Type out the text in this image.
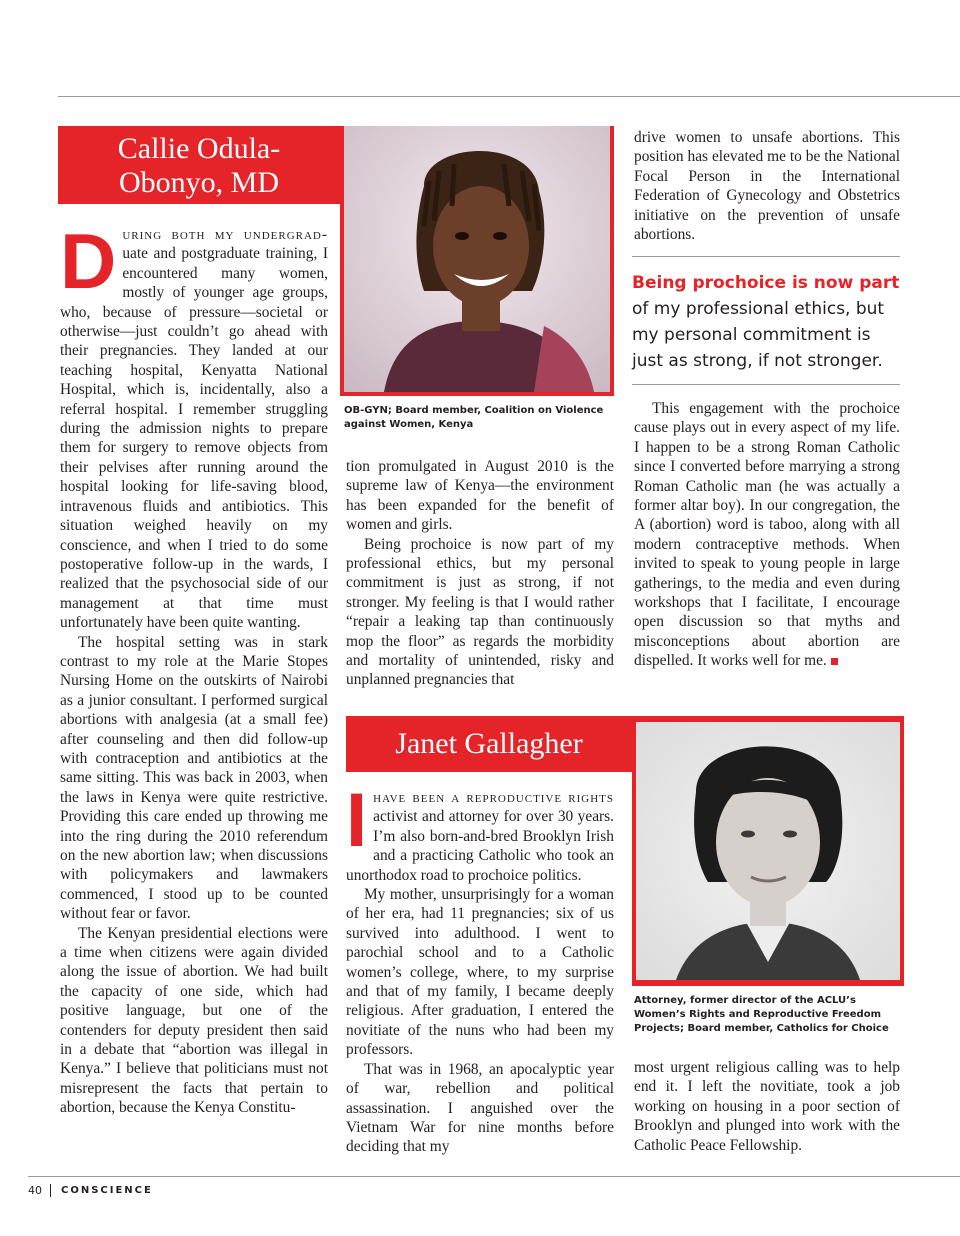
Callie Odula-
Obonyo, MD
OB-GYN; Board member, Coalition on Violence against Women, Kenya

D uring both my undergrad- uate and postgraduate training, I encountered many women, mostly of younger age groups, who, because of pressure—societal or otherwise—just couldn’t go ahead with their pregnancies. They landed at our teaching hospital, Kenyatta National Hospital, which is, incidentally, also a referral hospital. I remember struggling during the admission nights to prepare them for surgery to remove objects from their pelvises after running around the hospital looking for life-saving blood, intravenous fluids and antibiotics. This situation weighed heavily on my conscience, and when I tried to do some postoperative follow-up in the wards, I realized that the psychosocial side of our management at that time must unfortunately have been quite wanting.

The hospital setting was in stark contrast to my role at the Marie Stopes Nursing Home on the outskirts of Nairobi as a junior consultant. I performed surgical abortions with analgesia (at a small fee) after counseling and then did follow-up with contraception and antibiotics at the same sitting. This was back in 2003, when the laws in Kenya were quite restrictive. Providing this care ended up throwing me into the ring during the 2010 referendum on the new abortion law; when discussions with policymakers and lawmakers commenced, I stood up to be counted without fear or favor.

The Kenyan presidential elections were a time when citizens were again divided along the issue of abortion. We had built the capacity of one side, which had positive language, but one of the contenders for deputy president then said in a debate that “abortion was illegal in Kenya.” I believe that politicians must not misrepresent the facts that pertain to abortion, because the Kenya Constitu-

tion promulgated in August 2010 is the supreme law of Kenya—the environment has been expanded for the benefit of women and girls.

Being prochoice is now part of my professional ethics, but my personal commitment is just as strong, if not stronger. My feeling is that I would rather “repair a leaking tap than continuously mop the floor” as regards the morbidity and mortality of unintended, risky and unplanned pregnancies that

drive women to unsafe abortions. This position has elevated me to be the National Focal Person in the International Federation of Gynecology and Obstetrics initiative on the prevention of unsafe abortions.

Being prochoice is now part of my professional ethics, but my personal commitment is just as strong, if not stronger.

This engagement with the prochoice cause plays out in every aspect of my life. I happen to be a strong Roman Catholic since I converted before marrying a strong Roman Catholic man (he was actually a former altar boy). In our congregation, the A (abortion) word is taboo, along with all modern contraceptive methods. When invited to speak to young people in large gatherings, to the media and even during workshops that I facilitate, I encourage open discussion so that myths and misconceptions about abortion are dispelled. It works well for me.

Janet Gallagher
Attorney, former director of the ACLU’s Women’s Rights and Reproductive Freedom Projects; Board member, Catholics for Choice

I have been a reproductive rights activist and attorney for over 30 years. I’m also born-and-bred Brooklyn Irish and a practicing Catholic who took an unorthodox road to prochoice politics.

My mother, unsurprisingly for a woman of her era, had 11 pregnancies; six of us survived into adulthood. I went to parochial school and to a Catholic women’s college, where, to my surprise and that of my family, I became deeply religious. After graduation, I entered the novitiate of the nuns who had been my professors.

That was in 1968, an apocalyptic year of war, rebellion and political assassination. I anguished over the Vietnam War for nine months before deciding that my

most urgent religious calling was to help end it. I left the novitiate, took a job working on housing in a poor section of Brooklyn and plunged into work with the Catholic Peace Fellowship.

40	CONSCIENCE
